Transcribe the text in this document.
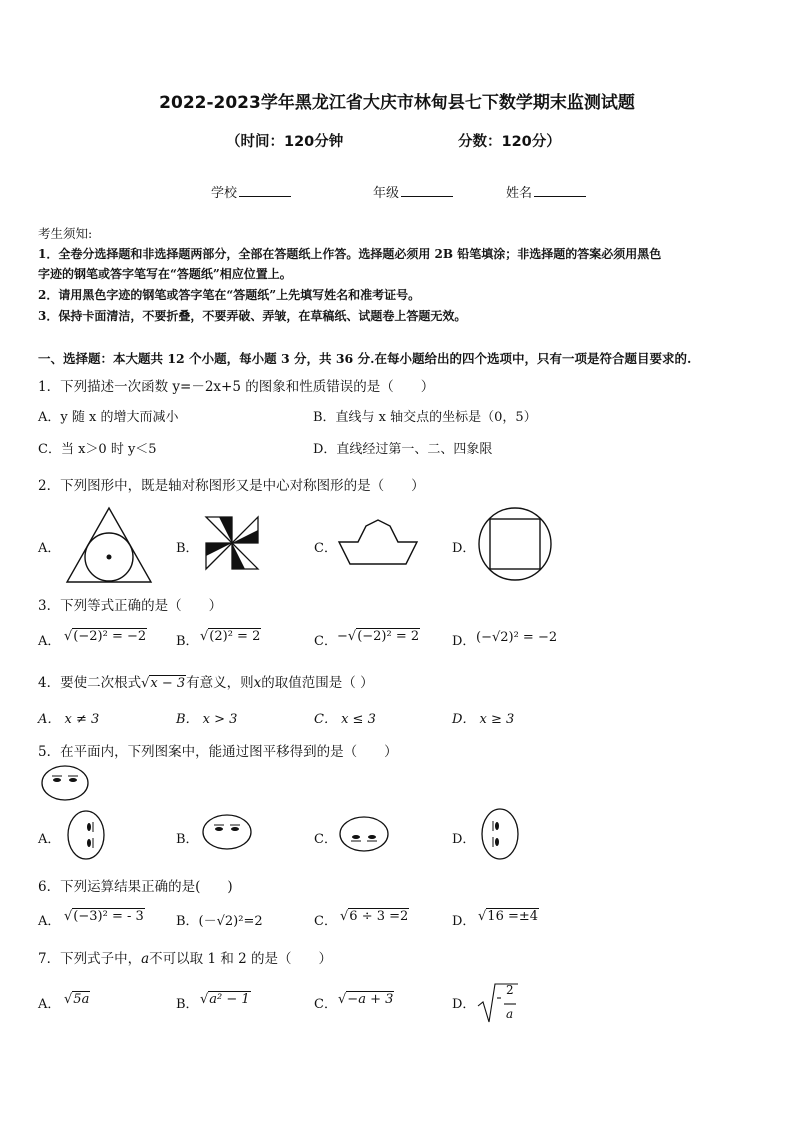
2022-2023学年黑龙江省大庆市林甸县七下数学期末监测试题
（时间：120分钟	分数：120分）
学校	年级	姓名
考生须知:
1．全卷分选择题和非选择题两部分，全部在答题纸上作答。选择题必须用 2B 铅笔填涂；非选择题的答案必须用黑色
字迹的钢笔或答字笔写在“答题纸”相应位置上。
2．请用黑色字迹的钢笔或答字笔在“答题纸”上先填写姓名和准考证号。
3．保持卡面清洁，不要折叠，不要弄破、弄皱，在草稿纸、试题卷上答题无效。
一、选择题：本大题共 12 个小题，每小题 3 分，共 36 分.在每小题给出的四个选项中，只有一项是符合题目要求的.
1．下列描述一次函数 y=－2x+5 的图象和性质错误的是（　　）
A．y 随 x 的增大而减小	B．直线与 x 轴交点的坐标是（0，5）
C．当 x＞0 时 y＜5	D．直线经过第一、二、四象限
2．下列图形中，既是轴对称图形又是中心对称图形的是（　　）
A．	B．	C．	D．
3．下列等式正确的是（　　）
A． √(−2)² = −2 B． √(2)² = 2	C． −√(−2)² = 2	D． (−√2)² = −2
4．要使二次根式√x − 3有意义，则x的取值范围是（ ）
A． x ≠ 3	B． x > 3	C． x ≤ 3	D． x ≥ 3
5．在平面内，下列图案中，能通过图平移得到的是（　　）
A．	B．	C．	D．
6．下列运算结果正确的是(　　)
A． √(−3)² = - 3 B．(－√2)²=2	C． √6 ÷ 3 =2	D． √16 =±4
7．下列式子中，a不可以取 1 和 2 的是（　　）
A． √5a	B． √a² − 1	C． √−a + 3	D．
2
a
